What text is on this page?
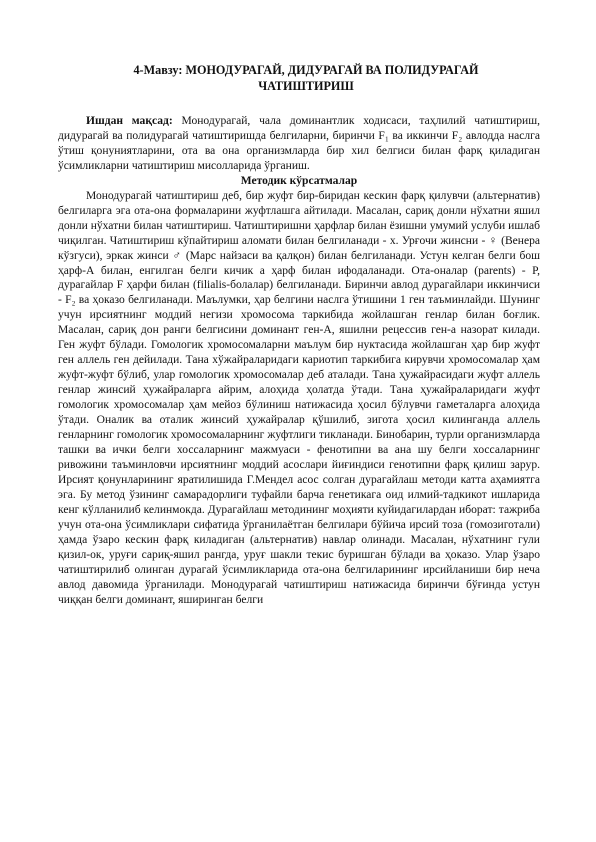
4-Мавзу: МОНОДУРАГАЙ, ДИДУРАГАЙ ВА ПОЛИДУРАГАЙ
ЧАТИШТИРИШ

Ишдан мақсад: Монодурагай, чала доминантлик ходисаси, таҳлилий чатиштириш, дидурагай ва полидурагай чатиштиришда белгиларни, биринчи F₁ ва иккинчи F₂ авлодда наслга ўтиш қонуниятларини, ота ва она организмларда бир хил белгиси билан фарқ қиладиган ўсимликларни чатиштириш мисолларида ўрганиш.

Методик кўрсатмалар

Монодурагай чатиштириш деб, бир жуфт бир-биридан кескин фарқ қилувчи (альтернатив) белгиларга эга ота-она формаларини жуфтлашга айтилади. Масалан, сариқ донли нўхатни яшил донли нўхатни билан чатиштириш. Чатиштиришни ҳарфлар билан ёзишни умумий услуби ишлаб чиқилган. Чатиштириш кўпайтириш аломати билан белгиланади - х. Урғочи жинсни - ♀ (Венера кўзгуси), эркак жинси ♂ (Марс найзаси ва қалқон) билан белгиланади. Устун келган белги бош ҳарф-А билан, енгилган белги кичик а ҳарф билан ифодаланади. Ота-оналар (parents) - Р, дурагайлар F ҳарфи билан (filialis-болалар) белгиланади. Биринчи авлод дурагайлари иккинчиси - F₂ ва ҳоказо белгиланади. Маълумки, ҳар белгини наслга ўтишини 1 ген таъминлайди. Шунинг учун ирсиятнинг моддий негизи хромосома таркибида жойлашган генлар билан боғлик. Масалан, сариқ дон ранги белгисини доминант ген-А, яшилни рецессив ген-а назорат килади. Ген жуфт бўлади. Гомологик хромосомаларни маълум бир нуктасида жойлашган ҳар бир жуфт ген аллель ген дейилади. Тана хўжайраларидаги кариотип таркибига кирувчи хромосомалар ҳам жуфт-жуфт бўлиб, улар гомологик хромосомалар деб аталади. Тана ҳужайрасидаги жуфт аллель генлар жинсий ҳужайраларга айрим, алоҳида ҳолатда ўтади. Тана ҳужайраларидаги жуфт гомологик хромосомалар ҳам мейоз бўлиниш натижасида ҳосил бўлувчи гаметаларга алоҳида ўтади. Оналик ва оталик жинсий ҳужайралар қўшилиб, зигота ҳосил килинганда аллель генларнинг гомологик хромосомаларнинг жуфтлиги тикланади. Бинобарин, турли организмларда ташки ва ички белги хоссаларнинг мажмуаси - фенотипни ва ана шу белги хоссаларнинг ривожини таъминловчи ирсиятнинг моддий асослари йиғиндиси генотипни фарқ қилиш зарур. Ирсият қонунларининг яратилишида Г.Мендел асос солган дурагайлаш методи катта аҳамиятга эга. Бу метод ўзининг самарадорлиги туфайли барча генетикага оид илмий-тадкикот ишларида кенг кўлланилиб келинмокда. Дурагайлаш методининг моҳияти куйидагилардан иборат: тажриба учун ота-она ўсимликлари сифатида ўрганилаётган белгилари бўйича ирсий тоза (гомозиготали) ҳамда ўзаро кескин фарқ киладиган (альтернатив) навлар олинади. Масалан, нўхатнинг гули қизил-ок, уруғи сариқ-яшил рангда, уруғ шакли текис буришган бўлади ва ҳоказо. Улар ўзаро чатиштирилиб олинган дурагай ўсимликларида ота-она белгиларининг ирсийланиши бир неча авлод давомида ўрганилади. Монодурагай чатиштириш натижасида биринчи бўғинда устун чиққан белги доминант, яширинган белги
